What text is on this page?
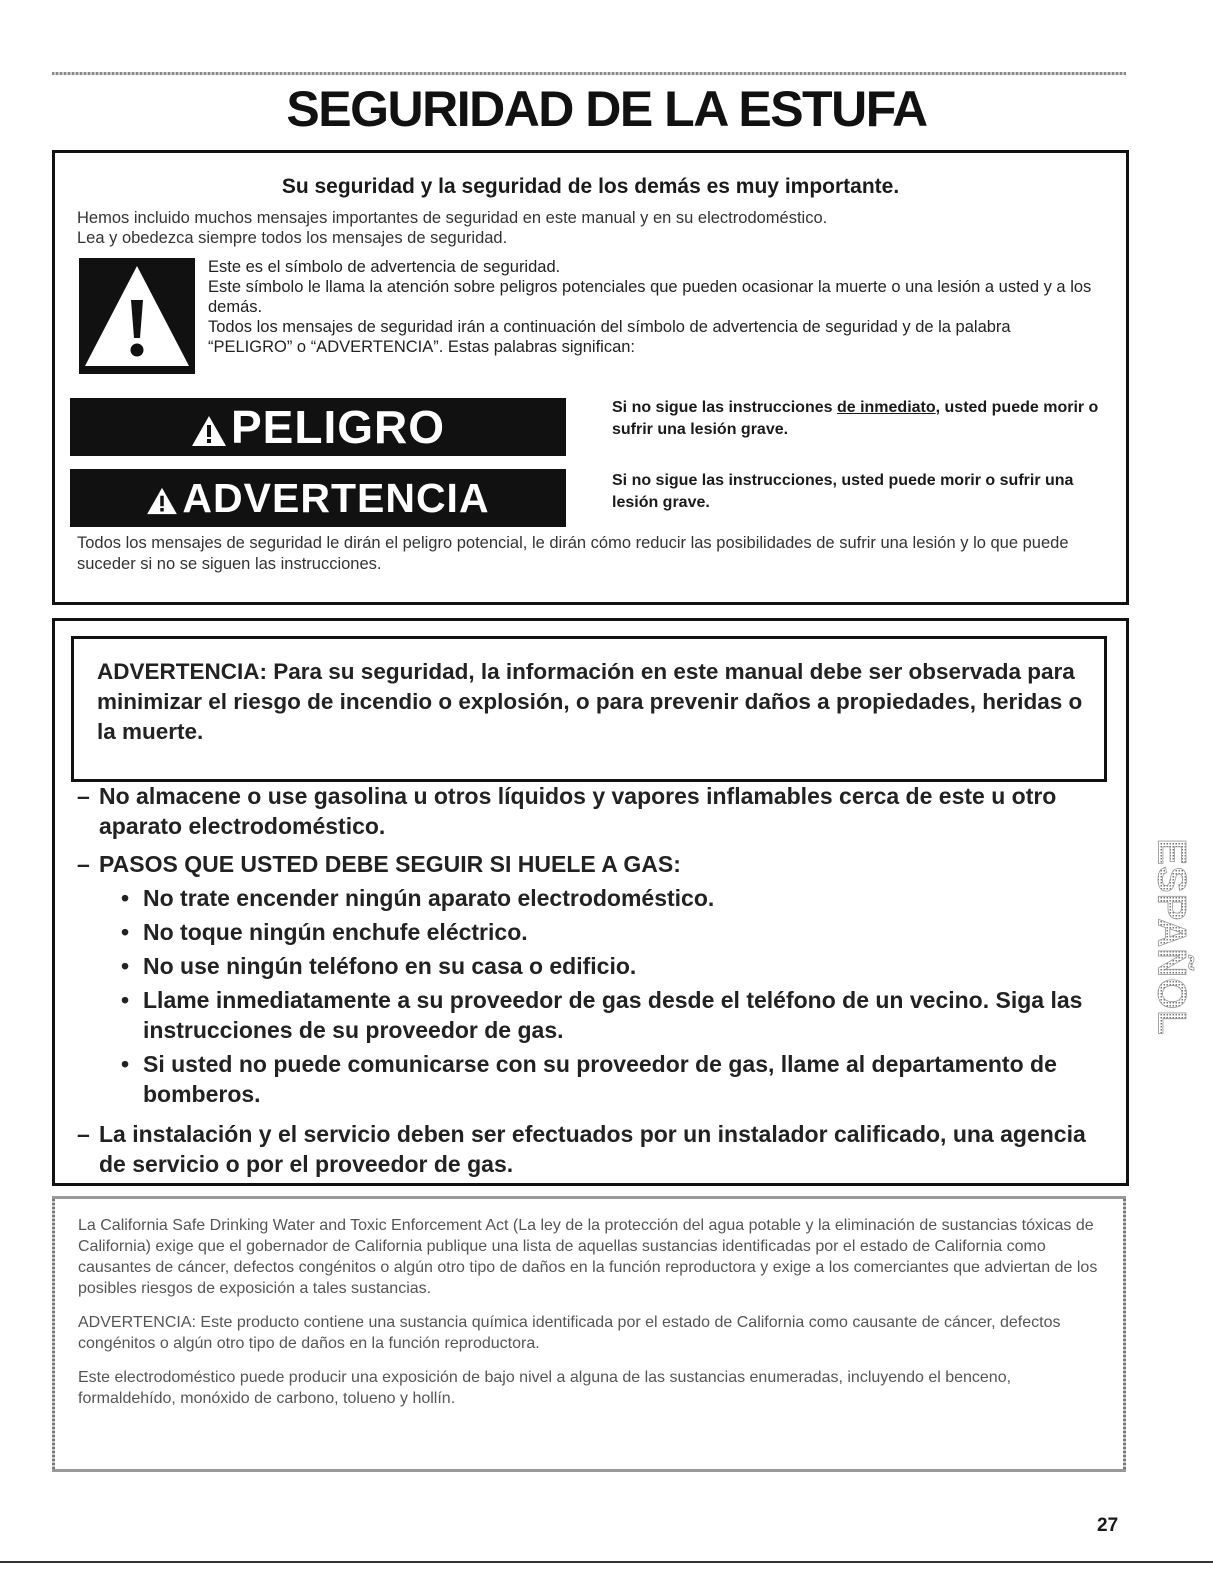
SEGURIDAD DE LA ESTUFA
Su seguridad y la seguridad de los demás es muy importante.

Hemos incluido muchos mensajes importantes de seguridad en este manual y en su electrodoméstico.

Lea y obedezca siempre todos los mensajes de seguridad.

Este es el símbolo de advertencia de seguridad.

Este símbolo le llama la atención sobre peligros potenciales que pueden ocasionar la muerte o una lesión a usted y a los demás.

Todos los mensajes de seguridad irán a continuación del símbolo de advertencia de seguridad y de la palabra “PELIGRO” o “ADVERTENCIA”. Estas palabras significan:

PELIGRO	Si no sigue las instrucciones de inmediato, usted puede morir o sufrir una lesión grave.
ADVERTENCIA	Si no sigue las instrucciones, usted puede morir o sufrir una lesión grave.
Todos los mensajes de seguridad le dirán el peligro potencial, le dirán cómo reducir las posibilidades de sufrir una lesión y lo que puede suceder si no se siguen las instrucciones.
ADVERTENCIA: Para su seguridad, la información en este manual debe ser observada para minimizar el riesgo de incendio o explosión, o para prevenir daños a propiedades, heridas o la muerte.

– No almacene o use gasolina u otros líquidos y vapores inflamables cerca de este u otro aparato electrodoméstico.

– PASOS QUE USTED DEBE SEGUIR SI HUELE A GAS:

• No trate encender ningún aparato electrodoméstico.

• No toque ningún enchufe eléctrico.

• No use ningún teléfono en su casa o edificio.

• Llame inmediatamente a su proveedor de gas desde el teléfono de un vecino. Siga las instrucciones de su proveedor de gas.

• Si usted no puede comunicarse con su proveedor de gas, llame al departamento de bomberos.

– La instalación y el servicio deben ser efectuados por un instalador calificado, una agencia de servicio o por el proveedor de gas.

La California Safe Drinking Water and Toxic Enforcement Act (La ley de la protección del agua potable y la eliminación de sustancias tóxicas de California) exige que el gobernador de California publique una lista de aquellas sustancias identificadas por el estado de California como causantes de cáncer, defectos congénitos o algún otro tipo de daños en la función reproductora y exige a los comerciantes que adviertan de los posibles riesgos de exposición a tales sustancias.

ADVERTENCIA: Este producto contiene una sustancia química identificada por el estado de California como causante de cáncer, defectos congénitos o algún otro tipo de daños en la función reproductora.

Este electrodoméstico puede producir una exposición de bajo nivel a alguna de las sustancias enumeradas, incluyendo el benceno, formaldehído, monóxido de carbono, tolueno y hollín.

ESPAÑOL
27
